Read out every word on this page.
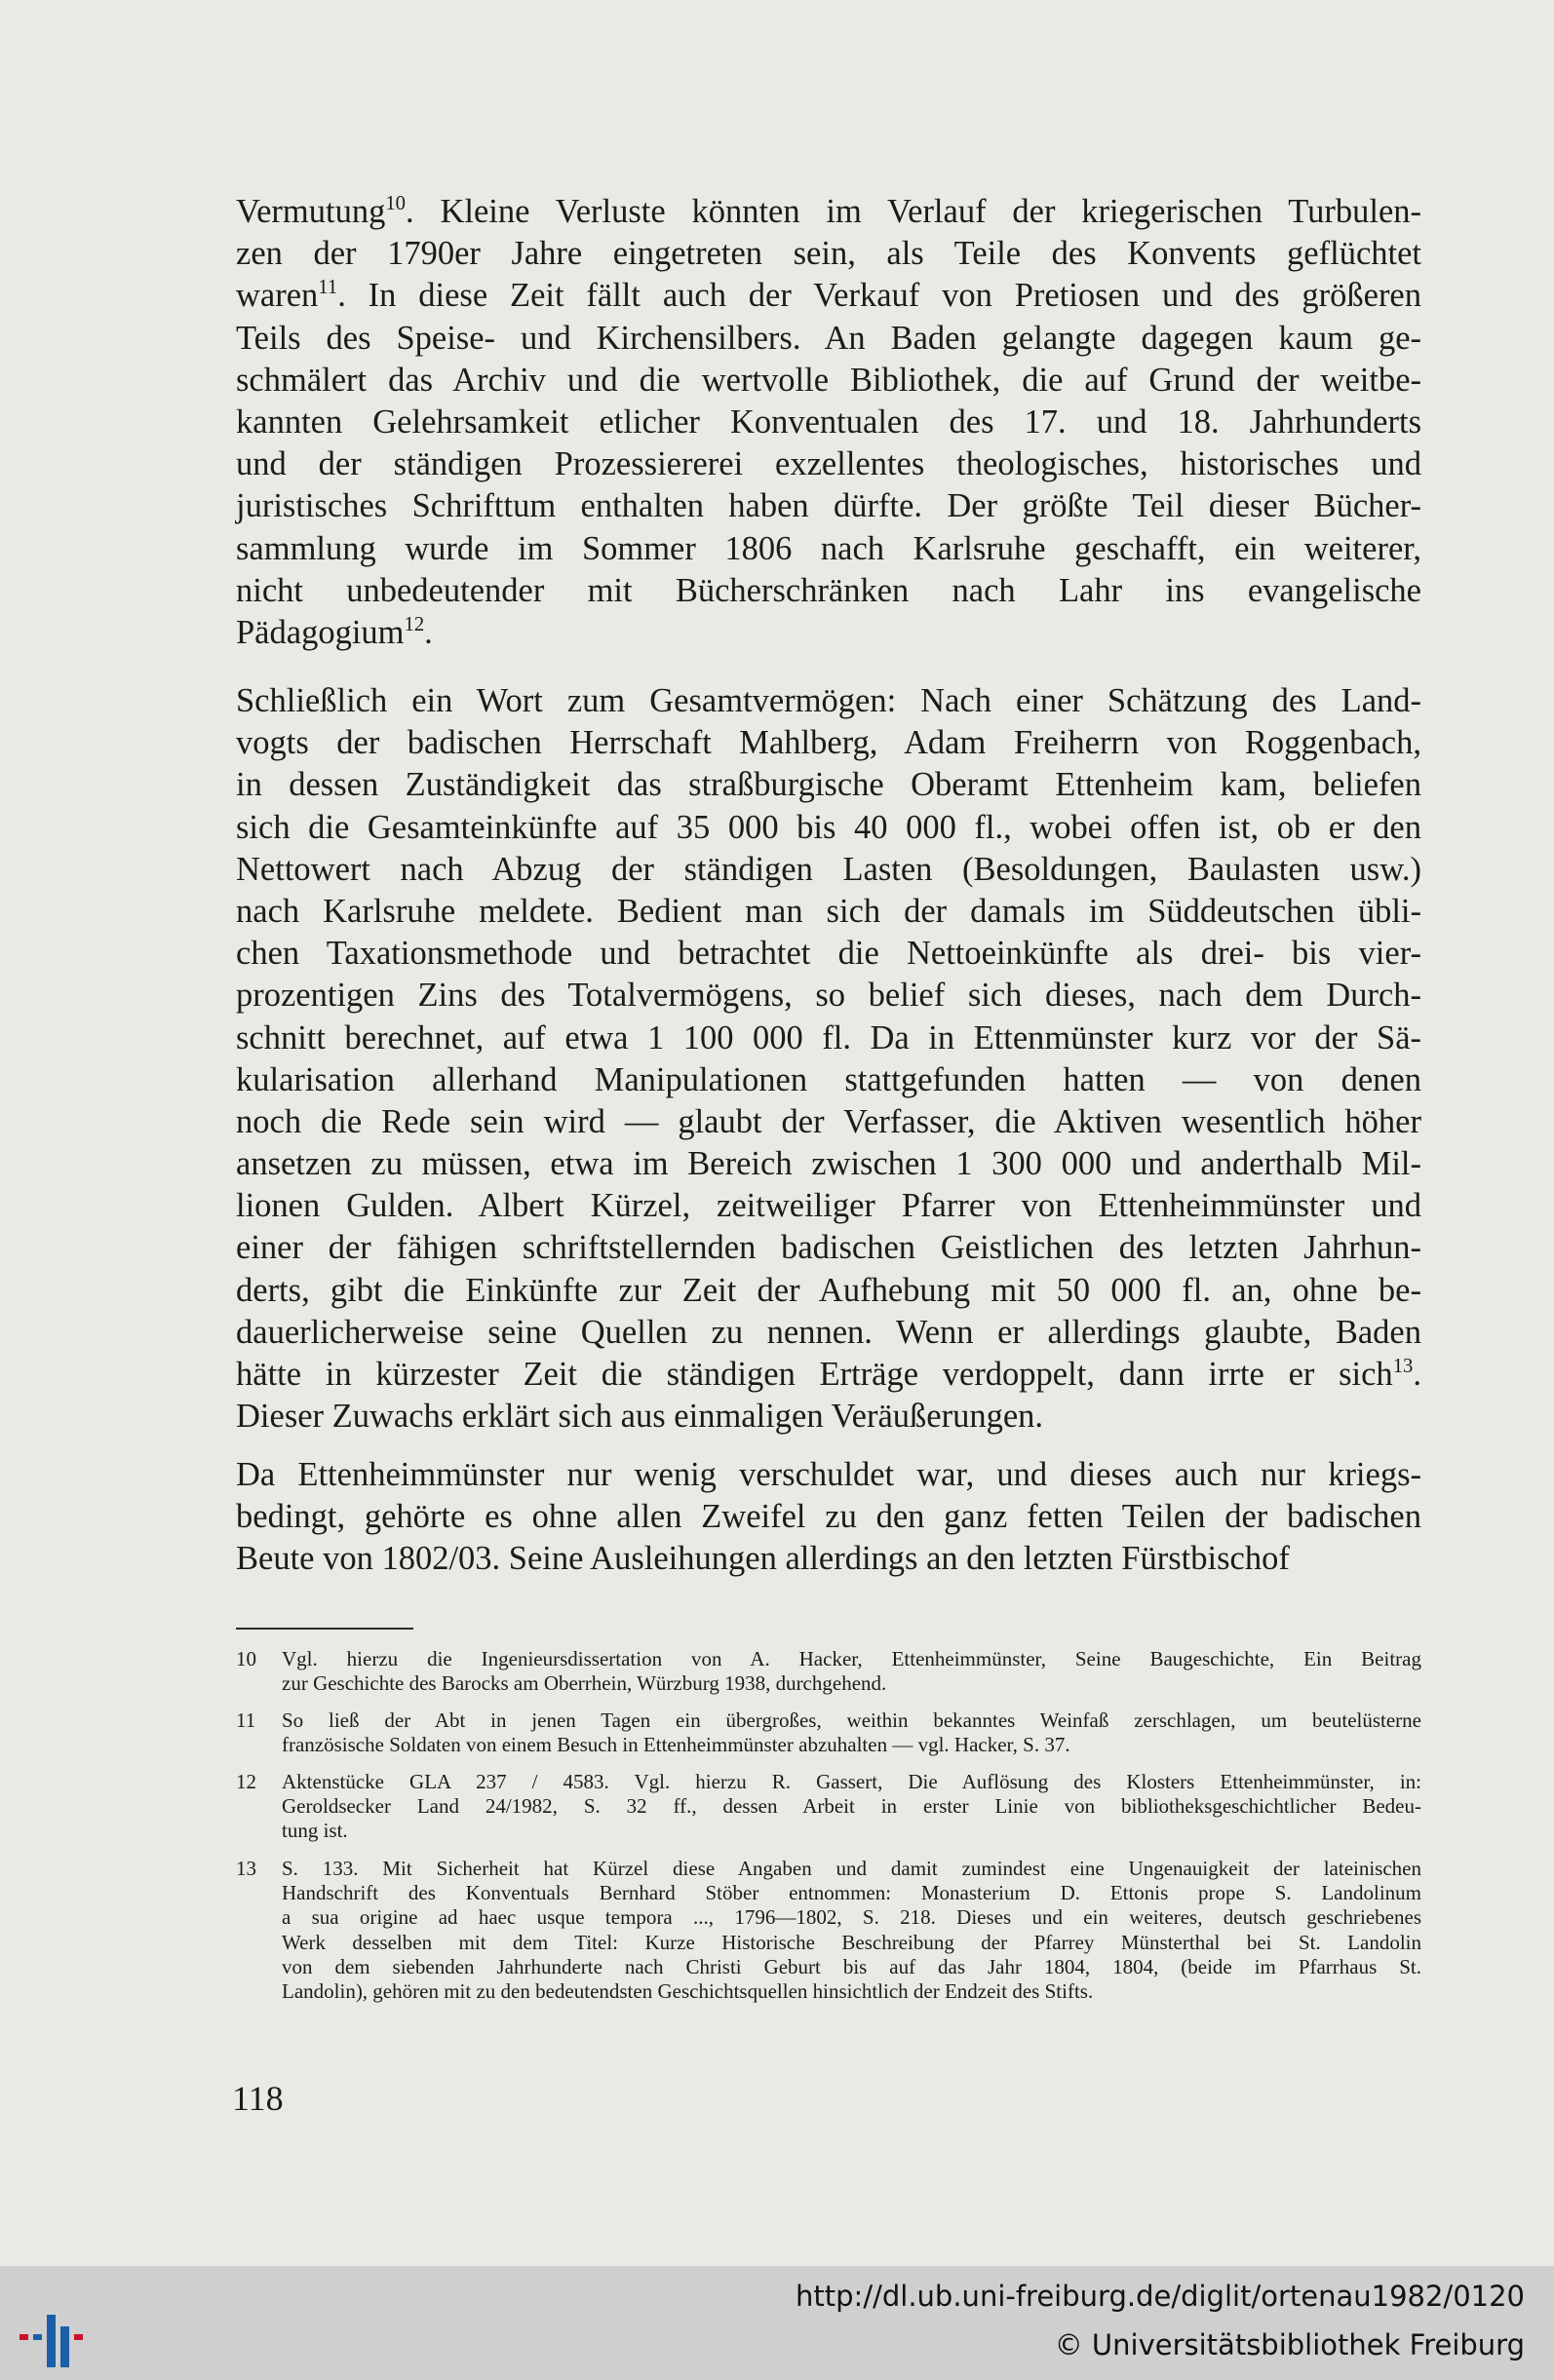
Vermutung$^{10}$. Kleine Verluste könnten im Verlauf der kriegerischen Turbulen-

zen der 1790er Jahre eingetreten sein, als Teile des Konvents geflüchtet

waren$^{11}$. In diese Zeit fällt auch der Verkauf von Pretiosen und des größeren

Teils des Speise- und Kirchensilbers. An Baden gelangte dagegen kaum ge-

schmälert das Archiv und die wertvolle Bibliothek, die auf Grund der weitbe-

kannten Gelehrsamkeit etlicher Konventualen des 17. und 18. Jahrhunderts

und der ständigen Prozessiererei exzellentes theologisches, historisches und

juristisches Schrifttum enthalten haben dürfte. Der größte Teil dieser Bücher-

sammlung wurde im Sommer 1806 nach Karlsruhe geschafft, ein weiterer,

nicht unbedeutender mit Bücherschränken nach Lahr ins evangelische

Pädagogium$^{12}$.

Schließlich ein Wort zum Gesamtvermögen: Nach einer Schätzung des Land-

vogts der badischen Herrschaft Mahlberg, Adam Freiherrn von Roggenbach,

in dessen Zuständigkeit das straßburgische Oberamt Ettenheim kam, beliefen

sich die Gesamteinkünfte auf 35 000 bis 40 000 fl., wobei offen ist, ob er den

Nettowert nach Abzug der ständigen Lasten (Besoldungen, Baulasten usw.)

nach Karlsruhe meldete. Bedient man sich der damals im Süddeutschen übli-

chen Taxationsmethode und betrachtet die Nettoeinkünfte als drei- bis vier-

prozentigen Zins des Totalvermögens, so belief sich dieses, nach dem Durch-

schnitt berechnet, auf etwa 1 100 000 fl. Da in Ettenmünster kurz vor der Sä-

kularisation allerhand Manipulationen stattgefunden hatten — von denen

noch die Rede sein wird — glaubt der Verfasser, die Aktiven wesentlich höher

ansetzen zu müssen, etwa im Bereich zwischen 1 300 000 und anderthalb Mil-

lionen Gulden. Albert Kürzel, zeitweiliger Pfarrer von Ettenheimmünster und

einer der fähigen schriftstellernden badischen Geistlichen des letzten Jahrhun-

derts, gibt die Einkünfte zur Zeit der Aufhebung mit 50 000 fl. an, ohne be-

dauerlicherweise seine Quellen zu nennen. Wenn er allerdings glaubte, Baden

hätte in kürzester Zeit die ständigen Erträge verdoppelt, dann irrte er sich$^{13}$.

Dieser Zuwachs erklärt sich aus einmaligen Veräußerungen.

Da Ettenheimmünster nur wenig verschuldet war, und dieses auch nur kriegs-

bedingt, gehörte es ohne allen Zweifel zu den ganz fetten Teilen der badischen

Beute von 1802/03. Seine Ausleihungen allerdings an den letzten Fürstbischof

10 Vgl. hierzu die Ingenieursdissertation von A. Hacker, Ettenheimmünster, Seine Baugeschichte, Ein Beitrag
zur Geschichte des Barocks am Oberrhein, Würzburg 1938, durchgehend.
11 So ließ der Abt in jenen Tagen ein übergroßes, weithin bekanntes Weinfaß zerschlagen, um beutelüsterne
französische Soldaten von einem Besuch in Ettenheimmünster abzuhalten — vgl. Hacker, S. 37.
12 Aktenstücke GLA 237 / 4583. Vgl. hierzu R. Gassert, Die Auflösung des Klosters Ettenheimmünster, in:
Geroldsecker Land 24/1982, S. 32 ff., dessen Arbeit in erster Linie von bibliotheksgeschichtlicher Bedeu-
tung ist.
13 S. 133. Mit Sicherheit hat Kürzel diese Angaben und damit zumindest eine Ungenauigkeit der lateinischen
Handschrift des Konventuals Bernhard Stöber entnommen: Monasterium D. Ettonis prope S. Landolinum
a sua origine ad haec usque tempora ..., 1796—1802, S. 218. Dieses und ein weiteres, deutsch geschriebenes
Werk desselben mit dem Titel: Kurze Historische Beschreibung der Pfarrey Münsterthal bei St. Landolin
von dem siebenden Jahrhunderte nach Christi Geburt bis auf das Jahr 1804, 1804, (beide im Pfarrhaus St.
Landolin), gehören mit zu den bedeutendsten Geschichtsquellen hinsichtlich der Endzeit des Stifts.
118
http://dl.ub.uni-freiburg.de/diglit/ortenau1982/0120
© Universitätsbibliothek Freiburg
